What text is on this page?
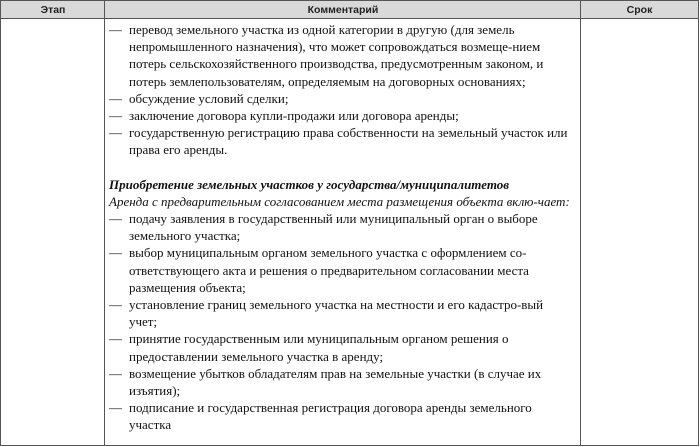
Этап	Комментарий	Срок
— перевод земельного участка из одной категории в другую (для земель непромышленного назначения), что может сопровождаться возмеще-нием потерь сельскохозяйственного производства, предусмотренным законом, и потерь землепользователям, определяемым на договорных основаниях;
— обсуждение условий сделки;
— заключение договора купли-продажи или договора аренды;
— государственную регистрацию права собственности на земельный участок или права его аренды.
Приобретение земельных участков у государства/муниципалитетов
Аренда с предварительным согласованием места размещения объекта вклю-чает:
— подачу заявления в государственный или муниципальный орган о выборе земельного участка;
— выбор муниципальным органом земельного участка с оформлением со-ответствующего акта и решения о предварительном согласовании места размещения объекта;
— установление границ земельного участка на местности и его кадастро-вый учет;
— принятие государственным или муниципальным органом решения о предоставлении земельного участка в аренду;
— возмещение убытков обладателям прав на земельные участки (в случае их изъятия);
— подписание и государственная регистрация договора аренды земельного участка
